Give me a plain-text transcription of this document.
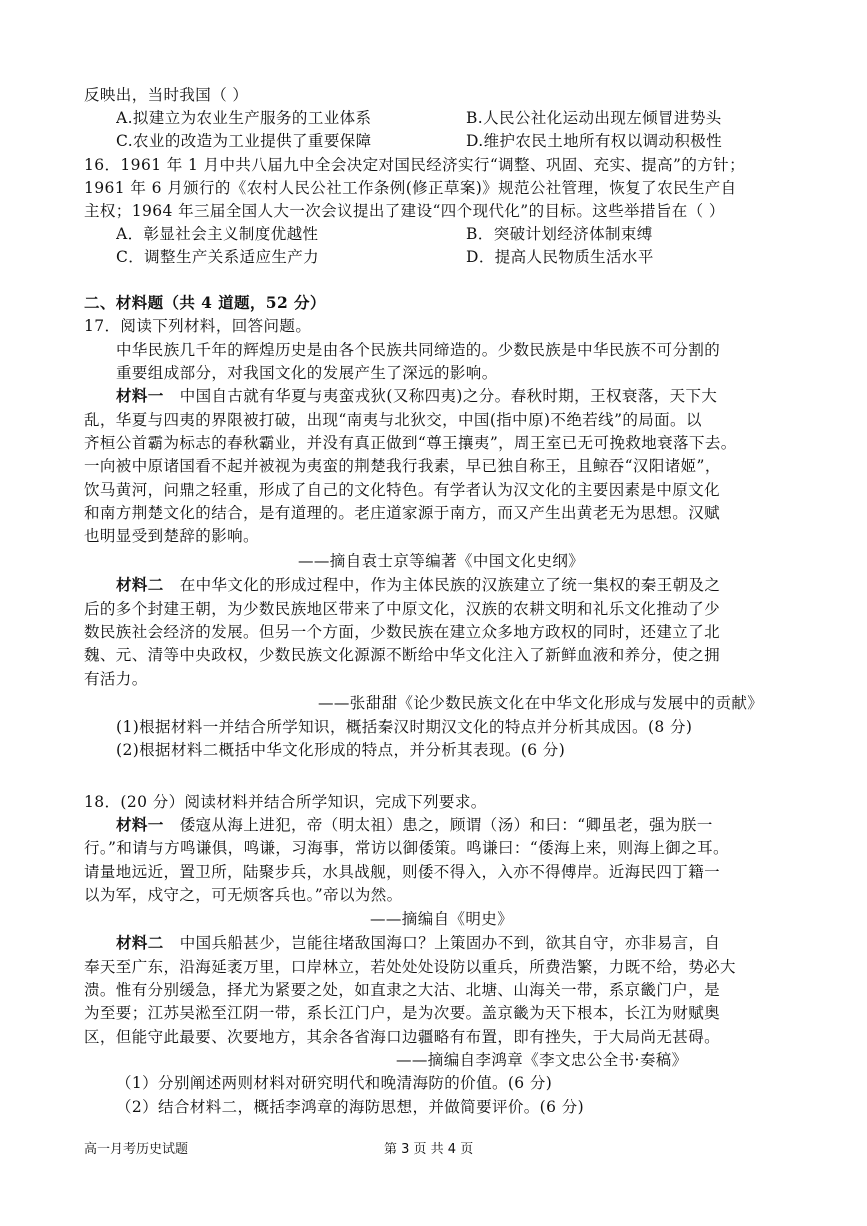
反映出，当时我国（ ）
A.拟建立为农业生产服务的工业体系	B.人民公社化运动出现左倾冒进势头
C.农业的改造为工业提供了重要保障	D.维护农民土地所有权以调动积极性
16．1961 年 1 月中共八届九中全会决定对国民经济实行“调整、巩固、充实、提高”的方针；
1961 年 6 月颁行的《农村人民公社工作条例(修正草案)》规范公社管理，恢复了农民生产自
主权；1964 年三届全国人大一次会议提出了建设“四个现代化”的目标。这些举措旨在（ ）
A．彰显社会主义制度优越性	B．突破计划经济体制束缚
C．调整生产关系适应生产力	D．提高人民物质生活水平
二、材料题（共 4 道题，52 分）
17．阅读下列材料，回答问题。
中华民族几千年的辉煌历史是由各个民族共同缔造的。少数民族是中华民族不可分割的
重要组成部分，对我国文化的发展产生了深远的影响。
材料一 中国自古就有华夏与夷蛮戎狄(又称四夷)之分。春秋时期，王权衰落，天下大
乱，华夏与四夷的界限被打破，出现“南夷与北狄交，中国(指中原)不绝若线”的局面。以
齐桓公首霸为标志的春秋霸业，并没有真正做到“尊王攘夷”，周王室已无可挽救地衰落下去。
一向被中原诸国看不起并被视为夷蛮的荆楚我行我素，早已独自称王，且鲸吞“汉阳诸姬”，
饮马黄河，问鼎之轻重，形成了自己的文化特色。有学者认为汉文化的主要因素是中原文化
和南方荆楚文化的结合，是有道理的。老庄道家源于南方，而又产生出黄老无为思想。汉赋
也明显受到楚辞的影响。
——摘自袁士京等编著《中国文化史纲》
材料二 在中华文化的形成过程中，作为主体民族的汉族建立了统一集权的秦王朝及之
后的多个封建王朝，为少数民族地区带来了中原文化，汉族的农耕文明和礼乐文化推动了少
数民族社会经济的发展。但另一个方面，少数民族在建立众多地方政权的同时，还建立了北
魏、元、清等中央政权，少数民族文化源源不断给中华文化注入了新鲜血液和养分，使之拥
有活力。
——张甜甜《论少数民族文化在中华文化形成与发展中的贡献》
(1)根据材料一并结合所学知识，概括秦汉时期汉文化的特点并分析其成因。(8 分)
(2)根据材料二概括中华文化形成的特点，并分析其表现。(6 分)
18．(20 分）阅读材料并结合所学知识，完成下列要求。
材料一 倭寇从海上进犯，帝（明太祖）患之，顾谓（汤）和曰：“卿虽老，强为朕一
行。”和请与方鸣谦俱，鸣谦，习海事，常访以御倭策。鸣谦曰：“倭海上来，则海上御之耳。
请量地远近，置卫所，陆聚步兵，水具战舰，则倭不得入，入亦不得傅岸。近海民四丁籍一
以为军，戍守之，可无烦客兵也。”帝以为然。
——摘编自《明史》
材料二 中国兵船甚少，岂能往堵敌国海口？上策固办不到，欲其自守，亦非易言，自
奉天至广东，沿海延袤万里，口岸林立，若处处处设防以重兵，所费浩繁，力既不给，势必大
溃。惟有分别缓急，择尤为紧要之处，如直隶之大沽、北塘、山海关一带，系京畿门户，是
为至要；江苏吴淞至江阴一带，系长江门户，是为次要。盖京畿为天下根本，长江为财赋奥
区，但能守此最要、次要地方，其余各省海口边疆略有布置，即有挫失，于大局尚无甚碍。
——摘编自李鸿章《李文忠公全书·奏稿》
（1）分别阐述两则材料对研究明代和晚清海防的价值。(6 分)
（2）结合材料二，概括李鸿章的海防思想，并做简要评价。(6 分)
高一月考历史试题	第 3 页 共 4 页
